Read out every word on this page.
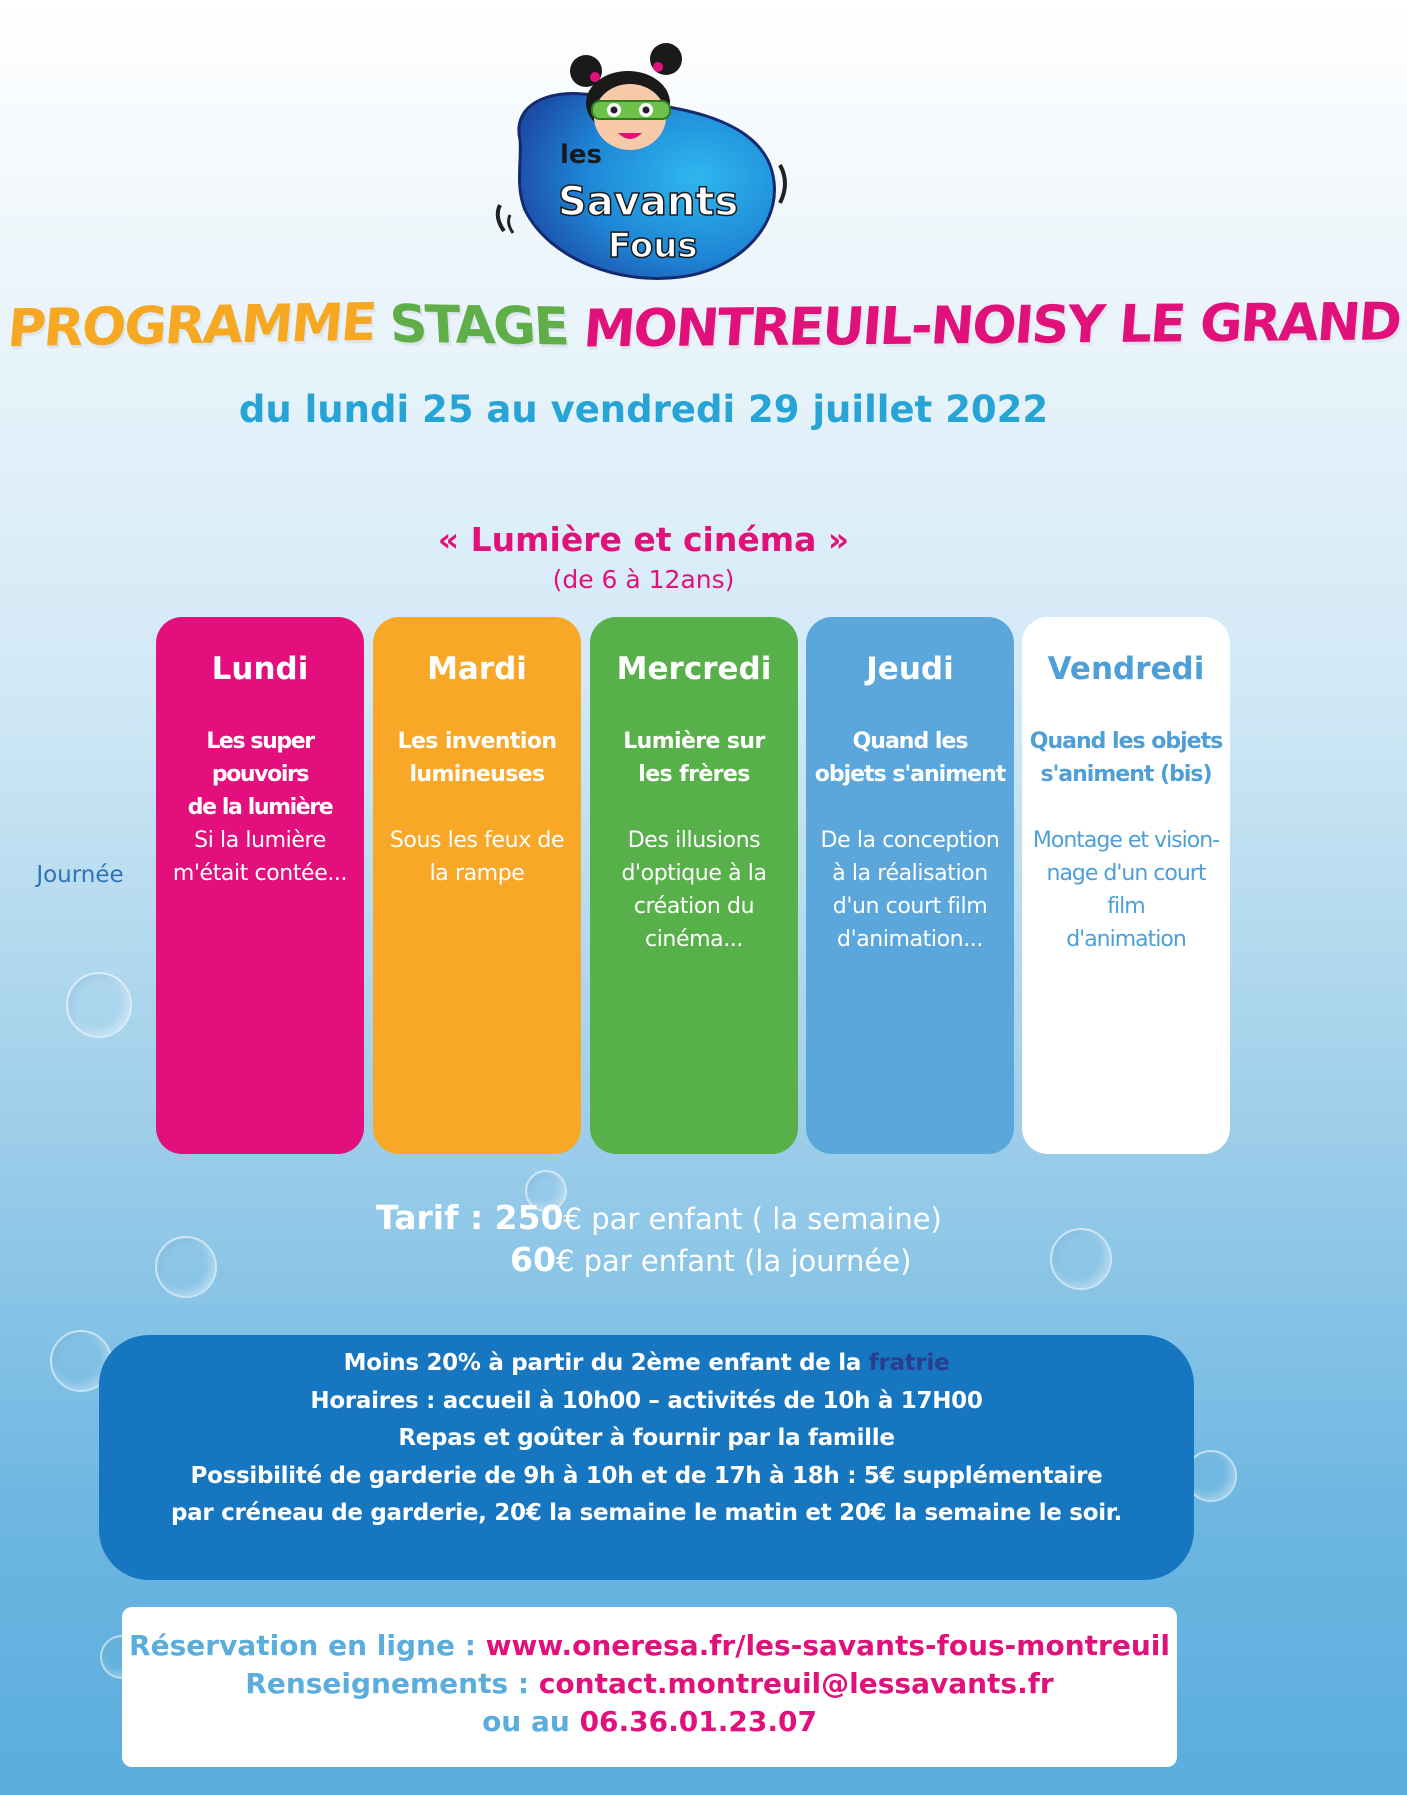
les
Savants
Fous
PROGRAMME STAGE MONTREUIL-NOISY LE GRAND
du lundi 25 au vendredi 29 juillet 2022
« Lumière et cinéma »
(de 6 à 12ans)
Journée
Lundi
Les super pouvoirs
de la lumière
Si la lumière
m'était contée...
Mardi
Les invention
lumineuses
Sous les feux de
la rampe
Mercredi
Lumière sur
les frères
Des illusions
d'optique à la
création du
cinéma...
Jeudi
Quand les
objets s'animent
De la conception
à la réalisation
d'un court film
d'animation...
Vendredi
Quand les objets
s'animent (bis)
Montage et vision-
nage d'un court film
d'animation
Tarif : 250€ par enfant ( la semaine)
60€ par enfant (la journée)
Moins 20% à partir du 2ème enfant de la fratrie
Horaires : accueil à 10h00 – activités de 10h à 17H00
Repas et goûter à fournir par la famille
Possibilité de garderie de 9h à 10h et de 17h à 18h : 5€ supplémentaire
par créneau de garderie, 20€ la semaine le matin et 20€ la semaine le soir.
Réservation en ligne : www.oneresa.fr/les-savants-fous-montreuil
Renseignements : contact.montreuil@lessavants.fr
ou au 06.36.01.23.07
